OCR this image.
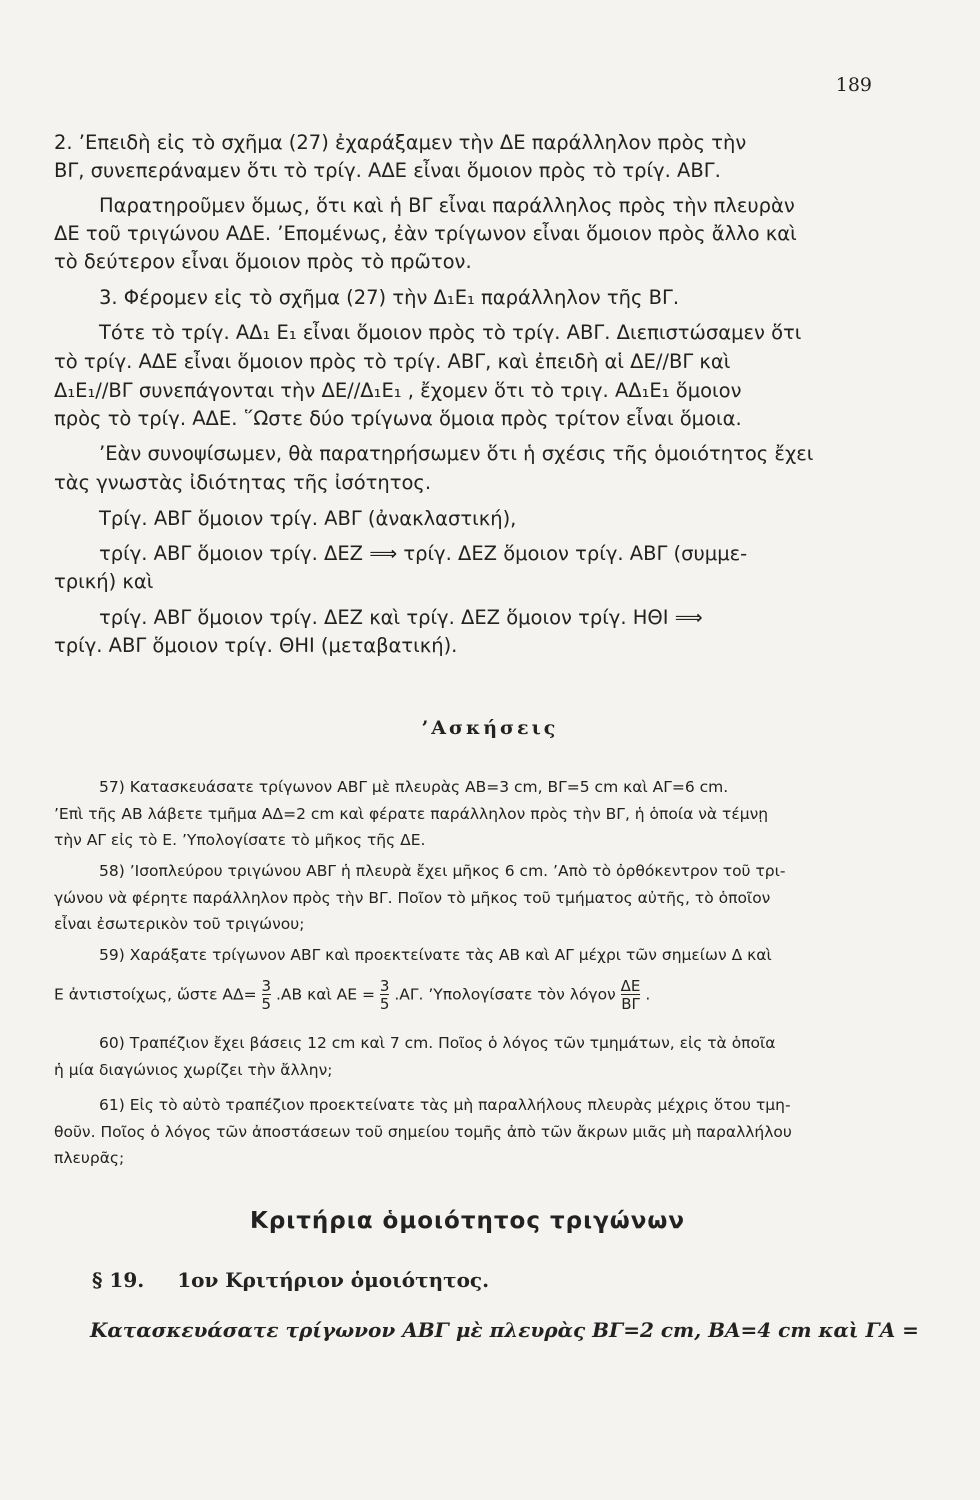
189
2. ’Επειδὴ εἰς τὸ σχῆμα (27) ἐχαράξαμεν τὴν ΔΕ παράλληλον πρὸς τὴν
ΒΓ, συνεπεράναμεν ὅτι τὸ τρίγ. ΑΔΕ εἶναι ὅμοιον πρὸς τὸ τρίγ. ΑΒΓ.
Παρατηροῦμεν ὅμως, ὅτι καὶ ἡ ΒΓ εἶναι παράλληλος πρὸς τὴν πλευρὰν
ΔΕ τοῦ τριγώνου ΑΔΕ. ’Επομένως, ἐὰν τρίγωνον εἶναι ὅμοιον πρὸς ἄλλο καὶ
τὸ δεύτερον εἶναι ὅμοιον πρὸς τὸ πρῶτον.
3. Φέρομεν εἰς τὸ σχῆμα (27) τὴν Δ₁Ε₁ παράλληλον τῆς ΒΓ.
Τότε τὸ τρίγ. ΑΔ₁ Ε₁ εἶναι ὅμοιον πρὸς τὸ τρίγ. ΑΒΓ. Διεπιστώσαμεν ὅτι
τὸ τρίγ. ΑΔΕ εἶναι ὅμοιον πρὸς τὸ τρίγ. ΑΒΓ, καὶ ἐπειδὴ αἱ ΔΕ//ΒΓ καὶ
Δ₁Ε₁//ΒΓ συνεπάγονται τὴν ΔΕ//Δ₁Ε₁ , ἔχομεν ὅτι τὸ τριγ. ΑΔ₁Ε₁ ὅμοιον
πρὸς τὸ τρίγ. ΑΔΕ. ῞Ωστε δύο τρίγωνα ὅμοια πρὸς τρίτον εἶναι ὅμοια.
’Εὰν συνοψίσωμεν, θὰ παρατηρήσωμεν ὅτι ἡ σχέσις τῆς ὁμοιότητος ἔχει
τὰς γνωστὰς ἰδιότητας τῆς ἰσότητος.
Τρίγ. ΑΒΓ ὅμοιον τρίγ. ΑΒΓ (ἀνακλαστική),
τρίγ. ΑΒΓ ὅμοιον τρίγ. ΔΕΖ ⟹ τρίγ. ΔΕΖ ὅμοιον τρίγ. ΑΒΓ (συμμε-
τρική) καὶ
τρίγ. ΑΒΓ ὅμοιον τρίγ. ΔΕΖ καὶ τρίγ. ΔΕΖ ὅμοιον τρίγ. ΗΘΙ ⟹
τρίγ. ΑΒΓ ὅμοιον τρίγ. ΘΗΙ (μεταβατική).
’Ασκήσεις
57) Κατασκευάσατε τρίγωνον ΑΒΓ μὲ πλευρὰς ΑΒ=3 cm, ΒΓ=5 cm καὶ ΑΓ=6 cm.
’Επὶ τῆς ΑΒ λάβετε τμῆμα ΑΔ=2 cm καὶ φέρατε παράλληλον πρὸς τὴν ΒΓ, ἡ ὁποία νὰ τέμνῃ
τὴν ΑΓ εἰς τὸ Ε. ’Υπολογίσατε τὸ μῆκος τῆς ΔΕ.
58) ’Ισοπλεύρου τριγώνου ΑΒΓ ἡ πλευρὰ ἔχει μῆκος 6 cm. ’Απὸ τὸ ὀρθόκεντρον τοῦ τρι-
γώνου νὰ φέρητε παράλληλον πρὸς τὴν ΒΓ. Ποῖον τὸ μῆκος τοῦ τμήματος αὐτῆς, τὸ ὁποῖον
εἶναι ἐσωτερικὸν τοῦ τριγώνου;
59) Χαράξατε τρίγωνον ΑΒΓ καὶ προεκτείνατε τὰς ΑΒ καὶ ΑΓ μέχρι τῶν σημείων Δ καὶ
Ε ἀντιστοίχως, ὥστε $A\Delta= \frac{3}{5} .AB$ καὶ $AE = \frac{3}{5} .A\Gamma$. ’Υπολογίσατε τὸν λόγον $\frac{\Delta E}{B\Gamma}$ .
60) Τραπέζιον ἔχει βάσεις 12 cm καὶ 7 cm. Ποῖος ὁ λόγος τῶν τμημάτων, εἰς τὰ ὁποῖα
ἡ μία διαγώνιος χωρίζει τὴν ἄλλην;
61) Εἰς τὸ αὐτὸ τραπέζιον προεκτείνατε τὰς μὴ παραλλήλους πλευρὰς μέχρις ὅτου τμη-
θοῦν. Ποῖος ὁ λόγος τῶν ἀποστάσεων τοῦ σημείου τομῆς ἀπὸ τῶν ἄκρων μιᾶς μὴ παραλλήλου
πλευρᾶς;
Κριτήρια ὁμοιότητος τριγώνων
§ 19. 1ον Κριτήριον ὁμοιότητος.
Κατασκευάσατε τρίγωνον ΑΒΓ μὲ πλευρὰς ΒΓ=2 cm, ΒΑ=4 cm καὶ ΓΑ =
